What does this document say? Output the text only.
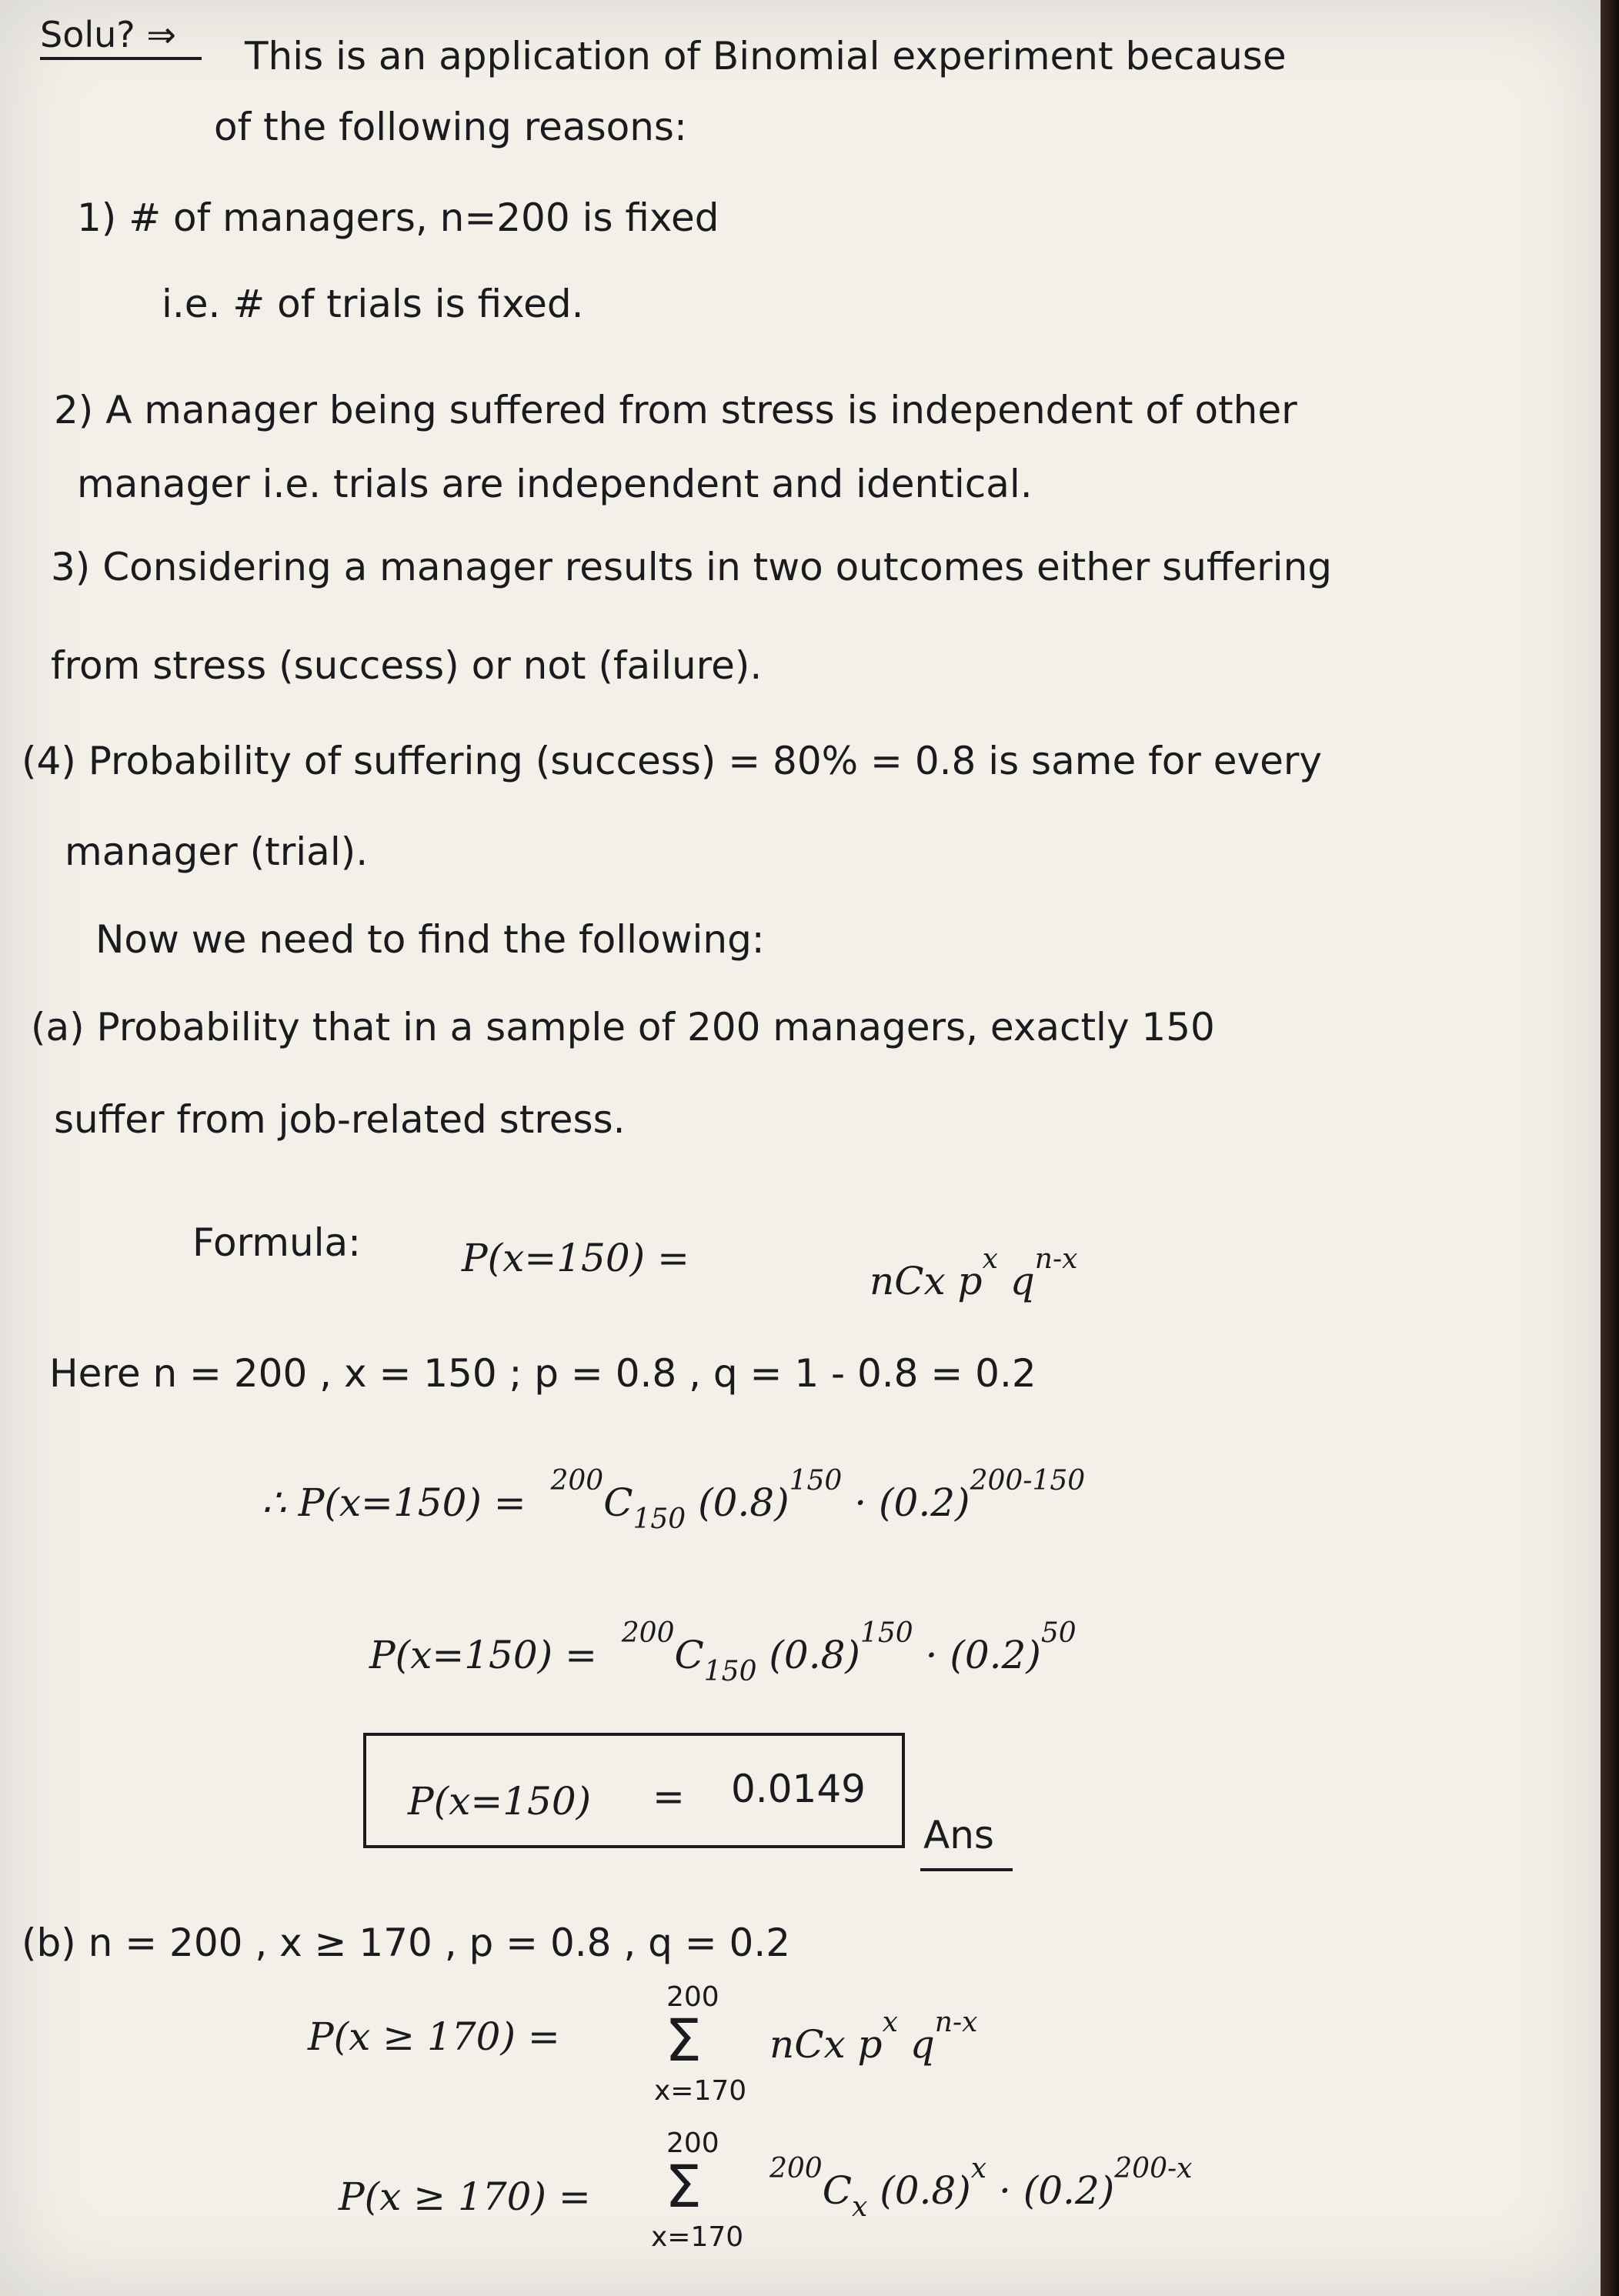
Solu? ⇒ This is an application of Binomial experiment because
of the following reasons:
1) # of managers, n=200 is fixed
i.e. # of trials is fixed.
2) A manager being suffered from stress is independent of other
manager i.e. trials are independent and identical.
3) Considering a manager results in two outcomes either suffering
from stress (success) or not (failure).
(4) Probability of suffering (success) = 80% = 0.8 is same for every
manager (trial).
Now we need to find the following:
(a) Probability that in a sample of 200 managers, exactly 150
suffer from job-related stress.
Formula:	P(x=150) =
nCx $p^x$ $q^{n-x}$
Here n = 200 , x = 150 ; p = 0.8 , q = 1 - 0.8 = 0.2
∴ $P(x=150) = ^{200}C_{150}$ $(0.8)^{150} \cdot (0.2)^{200-150}$
$P(x=150) = ^{200}C_{150}$ $(0.8)^{150} \cdot (0.2)^{50}$
P(x=150) = 0.0149
Ans
(b) n = 200 , x ≥ 170 , p = 0.8 , q = 0.2
P(x ≥ 170) =
200
Σ
x=170
nCx $p^x$ $q^{n-x}$
P(x ≥ 170) =
200
Σ
x=170
$^{200}C_x$ $(0.8)^x \cdot (0.2)^{200-x}$
